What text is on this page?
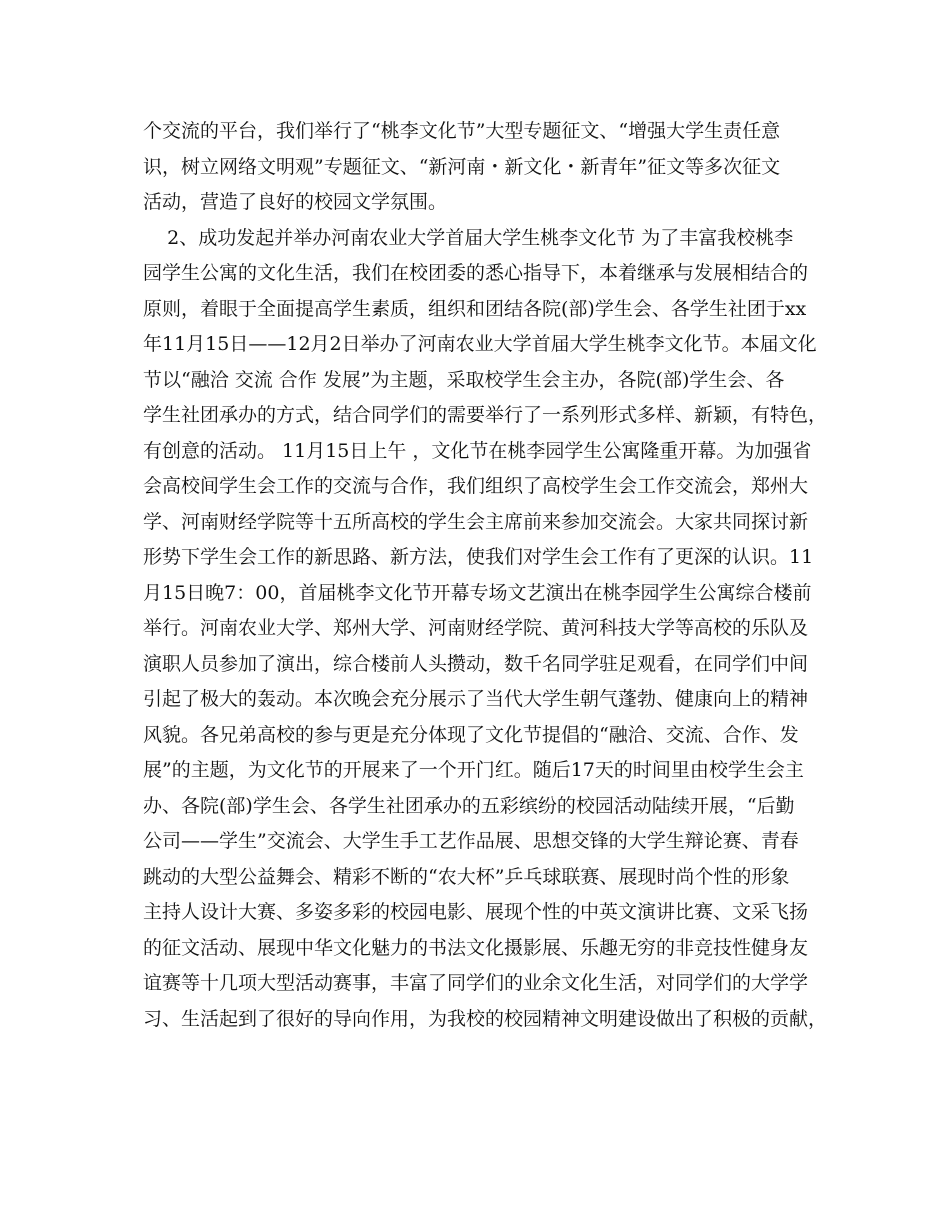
个交流的平台，我们举行了“桃李文化节”大型专题征文、“增强大学生责任意
识，树立网络文明观”专题征文、“新河南・新文化・新青年”征文等多次征文
活动，营造了良好的校园文学氛围。
2、成功发起并举办河南农业大学首届大学生桃李文化节 为了丰富我校桃李
园学生公寓的文化生活，我们在校团委的悉心指导下，本着继承与发展相结合的
原则，着眼于全面提高学生素质，组织和团结各院(部)学生会、各学生社团于xx
年11月15日——12月2日举办了河南农业大学首届大学生桃李文化节。本届文化
节以“融洽 交流 合作 发展”为主题，采取校学生会主办，各院(部)学生会、各
学生社团承办的方式，结合同学们的需要举行了一系列形式多样、新颖，有特色，
有创意的活动。 11月15日上午 ，文化节在桃李园学生公寓隆重开幕。为加强省
会高校间学生会工作的交流与合作，我们组织了高校学生会工作交流会，郑州大
学、河南财经学院等十五所高校的学生会主席前来参加交流会。大家共同探讨新
形势下学生会工作的新思路、新方法，使我们对学生会工作有了更深的认识。11
月15日晚7：00，首届桃李文化节开幕专场文艺演出在桃李园学生公寓综合楼前
举行。河南农业大学、郑州大学、河南财经学院、黄河科技大学等高校的乐队及
演职人员参加了演出，综合楼前人头攒动，数千名同学驻足观看，在同学们中间
引起了极大的轰动。本次晚会充分展示了当代大学生朝气蓬勃、健康向上的精神
风貌。各兄弟高校的参与更是充分体现了文化节提倡的“融洽、交流、合作、发
展”的主题，为文化节的开展来了一个开门红。随后17天的时间里由校学生会主
办、各院(部)学生会、各学生社团承办的五彩缤纷的校园活动陆续开展，“后勤
公司——学生”交流会、大学生手工艺作品展、思想交锋的大学生辩论赛、青春
跳动的大型公益舞会、精彩不断的“农大杯”乒乓球联赛、展现时尚个性的形象
主持人设计大赛、多姿多彩的校园电影、展现个性的中英文演讲比赛、文采飞扬
的征文活动、展现中华文化魅力的书法文化摄影展、乐趣无穷的非竞技性健身友
谊赛等十几项大型活动赛事，丰富了同学们的业余文化生活，对同学们的大学学
习、生活起到了很好的导向作用，为我校的校园精神文明建设做出了积极的贡献，
